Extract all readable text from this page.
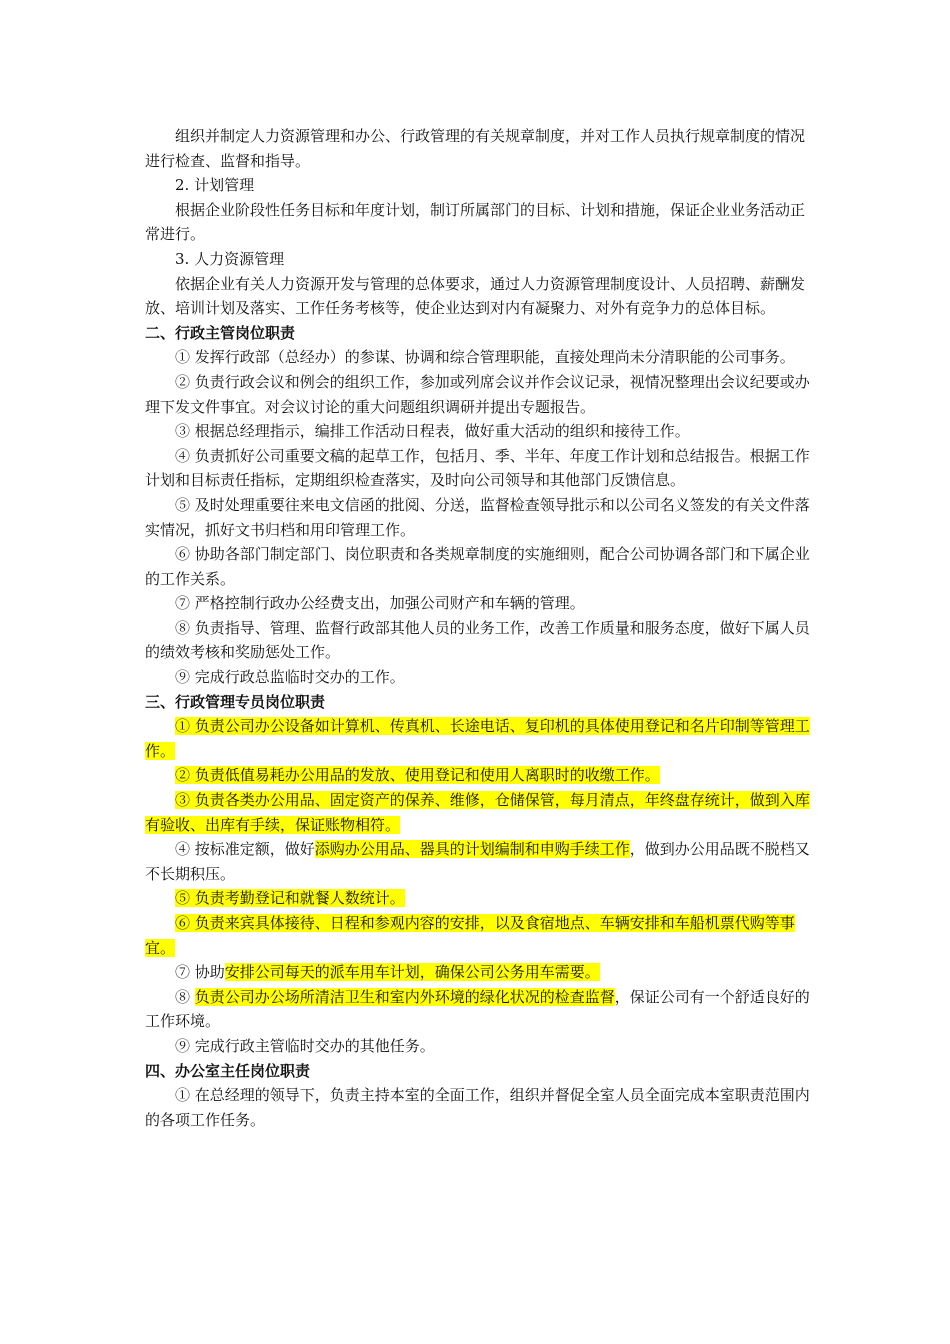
组织并制定人力资源管理和办公、行政管理的有关规章制度，并对工作人员执行规章制度的情况进行检查、监督和指导。

2. 计划管理

根据企业阶段性任务目标和年度计划，制订所属部门的目标、计划和措施，保证企业业务活动正常进行。

3. 人力资源管理

依据企业有关人力资源开发与管理的总体要求，通过人力资源管理制度设计、人员招聘、薪酬发放、培训计划及落实、工作任务考核等，使企业达到对内有凝聚力、对外有竞争力的总体目标。

二、行政主管岗位职责

① 发挥行政部（总经办）的参谋、协调和综合管理职能，直接处理尚未分清职能的公司事务。

② 负责行政会议和例会的组织工作，参加或列席会议并作会议记录，视情况整理出会议纪要或办理下发文件事宜。对会议讨论的重大问题组织调研并提出专题报告。

③ 根据总经理指示，编排工作活动日程表，做好重大活动的组织和接待工作。

④ 负责抓好公司重要文稿的起草工作，包括月、季、半年、年度工作计划和总结报告。根据工作计划和目标责任指标，定期组织检查落实，及时向公司领导和其他部门反馈信息。

⑤ 及时处理重要往来电文信函的批阅、分送，监督检查领导批示和以公司名义签发的有关文件落实情况，抓好文书归档和用印管理工作。

⑥ 协助各部门制定部门、岗位职责和各类规章制度的实施细则，配合公司协调各部门和下属企业的工作关系。

⑦ 严格控制行政办公经费支出，加强公司财产和车辆的管理。

⑧ 负责指导、管理、监督行政部其他人员的业务工作，改善工作质量和服务态度，做好下属人员的绩效考核和奖励惩处工作。

⑨ 完成行政总监临时交办的工作。

三、行政管理专员岗位职责

① 负责公司办公设备如计算机、传真机、长途电话、复印机的具体使用登记和名片印制等管理工作。

② 负责低值易耗办公用品的发放、使用登记和使用人离职时的收缴工作。

③ 负责各类办公用品、固定资产的保养、维修，仓储保管，每月清点，年终盘存统计，做到入库有验收、出库有手续，保证账物相符。

④ 按标准定额，做好添购办公用品、器具的计划编制和申购手续工作，做到办公用品既不脱档又不长期积压。

⑤ 负责考勤登记和就餐人数统计。

⑥ 负责来宾具体接待、日程和参观内容的安排，以及食宿地点、车辆安排和车船机票代购等事宜。

⑦ 协助安排公司每天的派车用车计划，确保公司公务用车需要。

⑧ 负责公司办公场所清洁卫生和室内外环境的绿化状况的检查监督，保证公司有一个舒适良好的工作环境。

⑨ 完成行政主管临时交办的其他任务。

四、办公室主任岗位职责

① 在总经理的领导下，负责主持本室的全面工作，组织并督促全室人员全面完成本室职责范围内的各项工作任务。
